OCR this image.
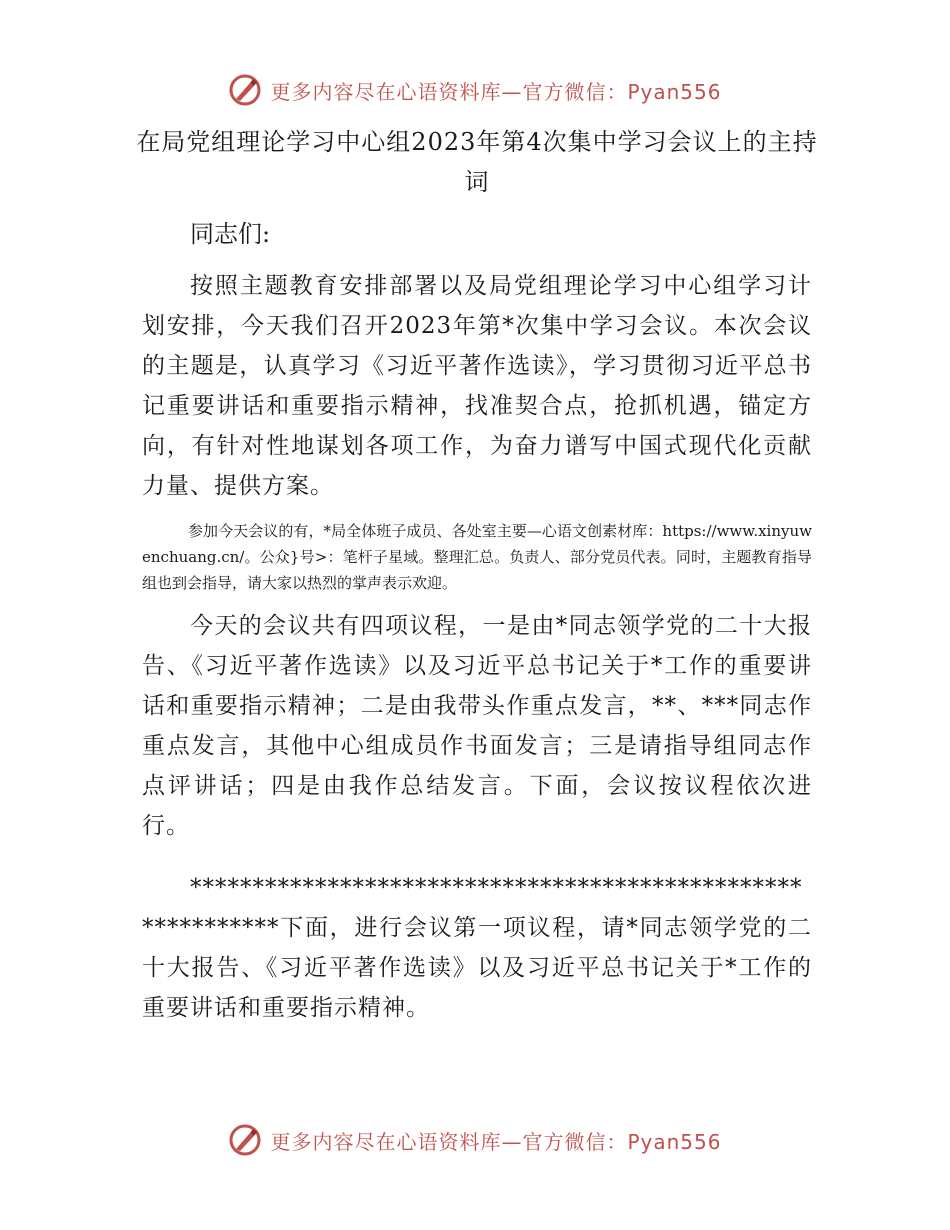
更多内容尽在心语资料库—官方微信：Pyan556
在局党组理论学习中心组2023年第4次集中学习会议上的主持词

同志们:

按照主题教育安排部署以及局党组理论学习中心组学习计划安排，今天我们召开2023年第*次集中学习会议。本次会议的主题是，认真学习《习近平著作选读》，学习贯彻习近平总书记重要讲话和重要指示精神，找准契合点，抢抓机遇，锚定方向，有针对性地谋划各项工作，为奋力谱写中国式现代化贡献力量、提供方案。

参加今天会议的有，*局全体班子成员、各处室主要—心语文创素材库：https://www.xinyuwenchuang.cn/。公众}号>：笔杆子星域。整理汇总。负责人、部分党员代表。同时，主题教育指导组也到会指导，请大家以热烈的掌声表示欢迎。

今天的会议共有四项议程，一是由*同志领学党的二十大报告、《习近平著作选读》以及习近平总书记关于*工作的重要讲话和重要指示精神；二是由我带头作重点发言，**、***同志作重点发言，其他中心组成员作书面发言；三是请指导组同志作点评讲话；四是由我作总结发言。下面，会议按议程依次进行。

************************************************************下面，进行会议第一项议程，请*同志领学党的二十大报告、《习近平著作选读》以及习近平总书记关于*工作的重要讲话和重要指示精神。

更多内容尽在心语资料库—官方微信：Pyan556
